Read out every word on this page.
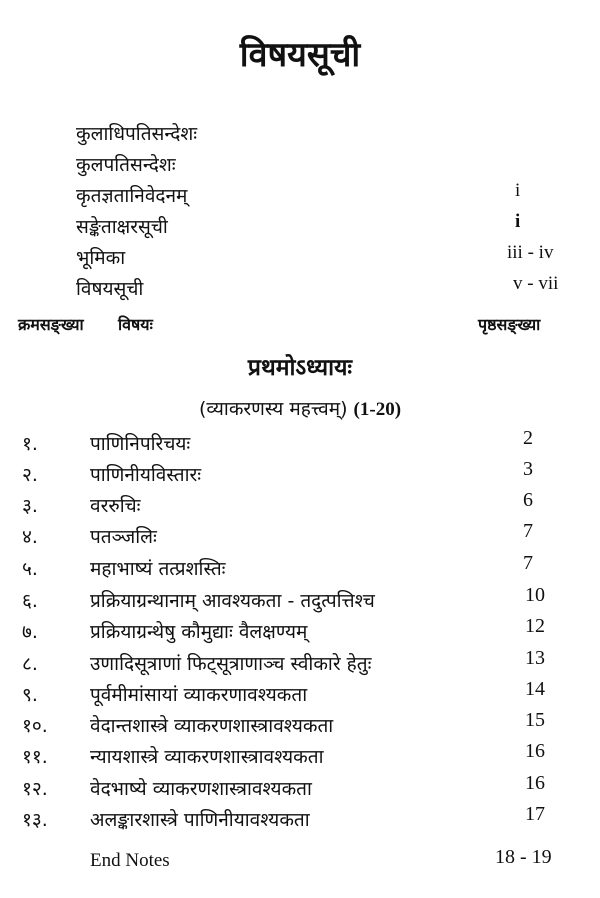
विषयसूची
कुलाधिपतिसन्देशः
कुलपतिसन्देशः
कृतज्ञतानिवेदनम्	i
सङ्केताक्षरसूची	i
भूमिका	iii - iv
विषयसूची	v - vii
क्रमसङ्ख्या विषयः	पृष्ठसङ्ख्या
प्रथमोऽध्यायः
(व्याकरणस्य महत्त्वम्) (1-20)
१.	पाणिनिपरिचयः	2
२.	पाणिनीयविस्तारः	3
३.	वररुचिः	6
४.	पतञ्जलिः	7
५.	महाभाष्यं तत्प्रशस्तिः	7
६.	प्रक्रियाग्रन्थानाम् आवश्यकता - तदुत्पत्तिश्च	10
७.	प्रक्रियाग्रन्थेषु कौमुद्याः वैलक्षण्यम्	12
८.	उणादिसूत्राणां फिट्सूत्राणाञ्च स्वीकारे हेतुः	13
९.	पूर्वमीमांसायां व्याकरणावश्यकता	14
१०. वेदान्तशास्त्रे व्याकरणशास्त्रावश्यकता	15
११. न्यायशास्त्रे व्याकरणशास्त्रावश्यकता	16
१२. वेदभाष्ये व्याकरणशास्त्रावश्यकता	16
१३. अलङ्कारशास्त्रे पाणिनीयावश्यकता	17
End Notes	18 - 19
